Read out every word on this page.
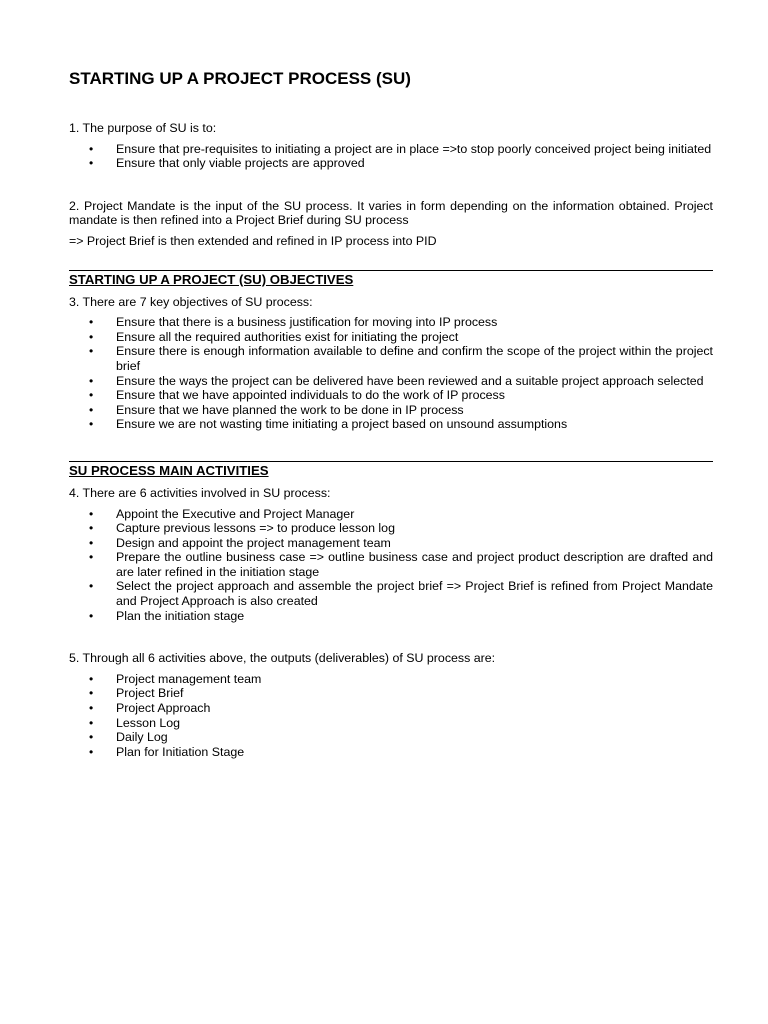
STARTING UP A PROJECT PROCESS (SU)

1. The purpose of SU is to:

• Ensure that pre-requisites to initiating a project are in place =>to stop poorly conceived project being initiated
• Ensure that only viable projects are approved

2. Project Mandate is the input of the SU process. It varies in form depending on the information obtained. Project mandate is then refined into a Project Brief during SU process

=> Project Brief is then extended and refined in IP process into PID

STARTING UP A PROJECT (SU) OBJECTIVES

3. There are 7 key objectives of SU process:

• Ensure that there is a business justification for moving into IP process
• Ensure all the required authorities exist for initiating the project
• Ensure there is enough information available to define and confirm the scope of the project within the project brief
• Ensure the ways the project can be delivered have been reviewed and a suitable project approach selected
• Ensure that we have appointed individuals to do the work of IP process
• Ensure that we have planned the work to be done in IP process
• Ensure we are not wasting time initiating a project based on unsound assumptions
SU PROCESS MAIN ACTIVITIES

4. There are 6 activities involved in SU process:

• Appoint the Executive and Project Manager
• Capture previous lessons => to produce lesson log
• Design and appoint the project management team
• Prepare the outline business case => outline business case and project product description are drafted and are later refined in the initiation stage
• Select the project approach and assemble the project brief => Project Brief is refined from Project Mandate and Project Approach is also created
• Plan the initiation stage

5. Through all 6 activities above, the outputs (deliverables) of SU process are:

• Project management team
• Project Brief
• Project Approach
• Lesson Log
• Daily Log
• Plan for Initiation Stage
